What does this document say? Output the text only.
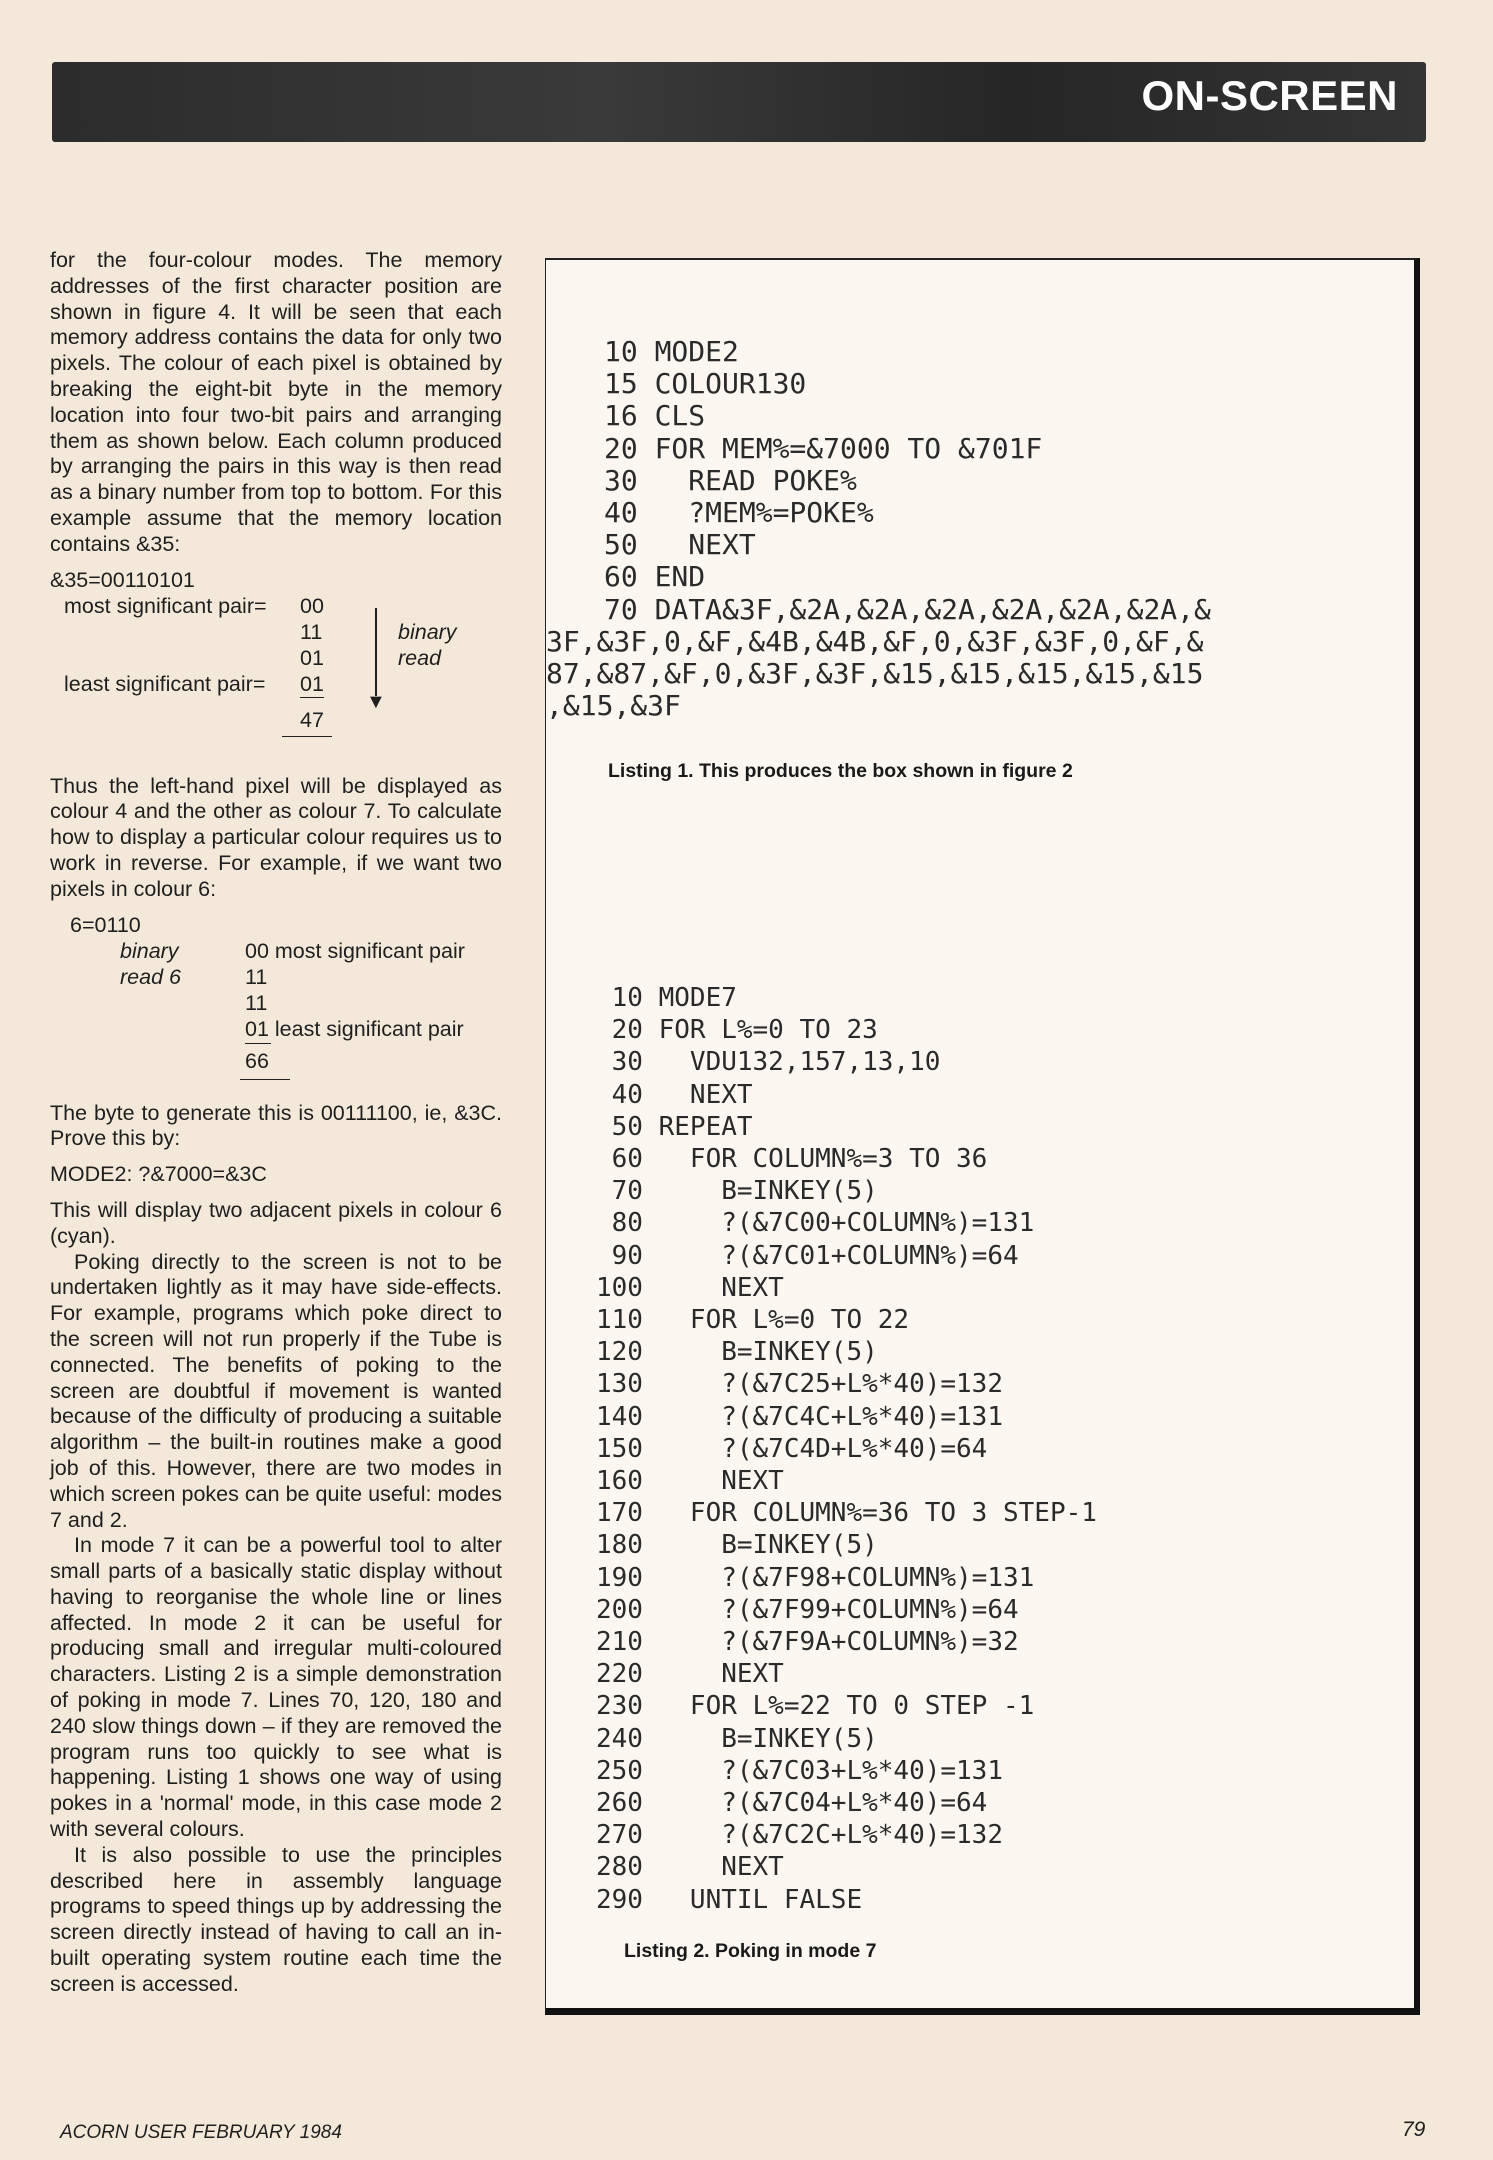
ON-SCREEN

for the four-colour modes. The memory addresses of the first character position are shown in figure 4. It will be seen that each memory address contains the data for only two pixels. The colour of each pixel is obtained by breaking the eight-bit byte in the memory location into four two-bit pairs and arranging them as shown below. Each column produced by arranging the pairs in this way is then read as a binary number from top to bottom. For this example assume that the memory location contains &35:

&35=00110101
most significant pair= 00
11
01
least significant pair= 01
47
▼
binary
read

Thus the left-hand pixel will be displayed as colour 4 and the other as colour 7. To calculate how to display a particular colour requires us to work in reverse. For example, if we want two pixels in colour 6:

6=0110
binary
read 6
00 most significant pair
11
11
01 least significant pair
66

The byte to generate this is 00111100, ie, &3C. Prove this by:

MODE2: ?&7000=&3C

This will display two adjacent pixels in colour 6 (cyan).

Poking directly to the screen is not to be undertaken lightly as it may have side-effects. For example, programs which poke direct to the screen will not run properly if the Tube is connected. The benefits of poking to the screen are doubtful if movement is wanted because of the difficulty of producing a suitable algorithm – the built-in routines make a good job of this. However, there are two modes in which screen pokes can be quite useful: modes 7 and 2.

In mode 7 it can be a powerful tool to alter small parts of a basically static display without having to reorganise the whole line or lines affected. In mode 2 it can be useful for producing small and irregular multi-coloured characters. Listing 2 is a simple demonstration of poking in mode 7. Lines 70, 120, 180 and 240 slow things down – if they are removed the program runs too quickly to see what is happening. Listing 1 shows one way of using pokes in a 'normal' mode, in this case mode 2 with several colours.

It is also possible to use the principles described here in assembly language programs to speed things up by addressing the screen directly instead of having to call an in-built operating system routine each time the screen is accessed.

10 MODE2
15 COLOUR130
16 CLS
20 FOR MEM%=&7000 TO &701F
30   READ POKE%
40   ?MEM%=POKE%
50   NEXT
60 END
70 DATA&3F,&2A,&2A,&2A,&2A,&2A,&2A,&
3F,&3F,0,&F,&4B,&4B,&F,0,&3F,&3F,0,&F,&
87,&87,&F,0,&3F,&3F,&15,&15,&15,&15,&15
,&15,&3F
Listing 1. This produces the box shown in figure 2
10 MODE7
20 FOR L%=0 TO 23
30   VDU132,157,13,10
40   NEXT
50 REPEAT
60   FOR COLUMN%=3 TO 36
70     B=INKEY(5)
80     ?(&7C00+COLUMN%)=131
90     ?(&7C01+COLUMN%)=64
100     NEXT
110   FOR L%=0 TO 22
120     B=INKEY(5)
130     ?(&7C25+L%*40)=132
140     ?(&7C4C+L%*40)=131
150     ?(&7C4D+L%*40)=64
160     NEXT
170   FOR COLUMN%=36 TO 3 STEP-1
180     B=INKEY(5)
190     ?(&7F98+COLUMN%)=131
200     ?(&7F99+COLUMN%)=64
210     ?(&7F9A+COLUMN%)=32
220     NEXT
230   FOR L%=22 TO 0 STEP -1
240     B=INKEY(5)
250     ?(&7C03+L%*40)=131
260     ?(&7C04+L%*40)=64
270     ?(&7C2C+L%*40)=132
280     NEXT
290   UNTIL FALSE
Listing 2. Poking in mode 7
ACORN USER FEBRUARY 1984	79
